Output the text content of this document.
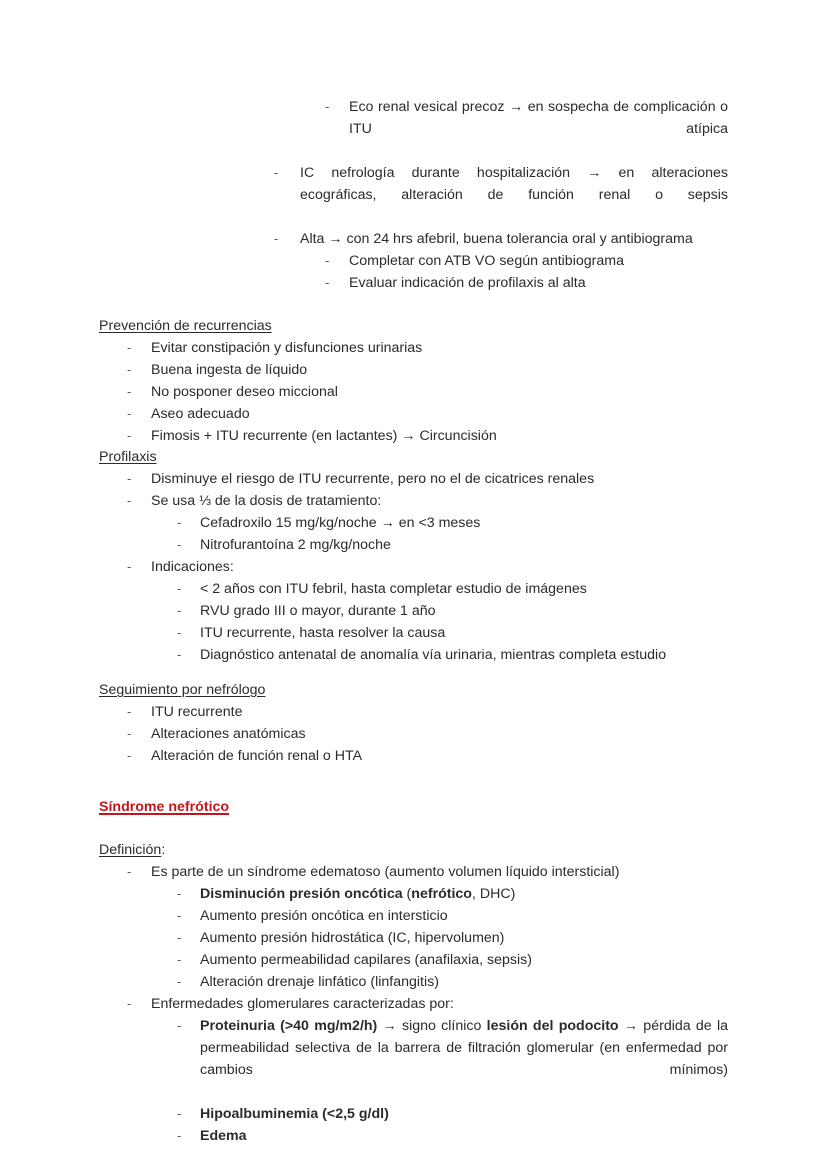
-	Eco renal vesical precoz → en sospecha de complicación o ITU atípica
-	IC nefrología durante hospitalización → en alteraciones ecográficas, alteración de función renal o sepsis
-	Alta → con 24 hrs afebril, buena tolerancia oral y antibiograma
-	Completar con ATB VO según antibiograma
-	Evaluar indicación de profilaxis al alta
Prevención de recurrencias
-	Evitar constipación y disfunciones urinarias
-	Buena ingesta de líquido
-	No posponer deseo miccional
-	Aseo adecuado
-	Fimosis + ITU recurrente (en lactantes) → Circuncisión
Profilaxis
-	Disminuye el riesgo de ITU recurrente, pero no el de cicatrices renales
-	Se usa ⅓ de la dosis de tratamiento:
-	Cefadroxilo 15 mg/kg/noche → en <3 meses
-	Nitrofurantoína 2 mg/kg/noche
-	Indicaciones:
-	< 2 años con ITU febril, hasta completar estudio de imágenes
-	RVU grado III o mayor, durante 1 año
-	ITU recurrente, hasta resolver la causa
-	Diagnóstico antenatal de anomalía vía urinaria, mientras completa estudio
Seguimiento por nefrólogo
-	ITU recurrente
-	Alteraciones anatómicas
-	Alteración de función renal o HTA
Síndrome nefrótico
Definición:
-	Es parte de un síndrome edematoso (aumento volumen líquido intersticial)
-	Disminución presión oncótica (nefrótico, DHC)
-	Aumento presión oncótica en intersticio
-	Aumento presión hidrostática (IC, hipervolumen)
-	Aumento permeabilidad capilares (anafilaxia, sepsis)
-	Alteración drenaje linfático (linfangitis)
-	Enfermedades glomerulares caracterizadas por:
-	Proteinuria (>40 mg/m2/h) → signo clínico lesión del podocito → pérdida de la permeabilidad selectiva de la barrera de filtración glomerular (en enfermedad por cambios mínimos)
-	Hipoalbuminemia (<2,5 g/dl)
-	Edema
